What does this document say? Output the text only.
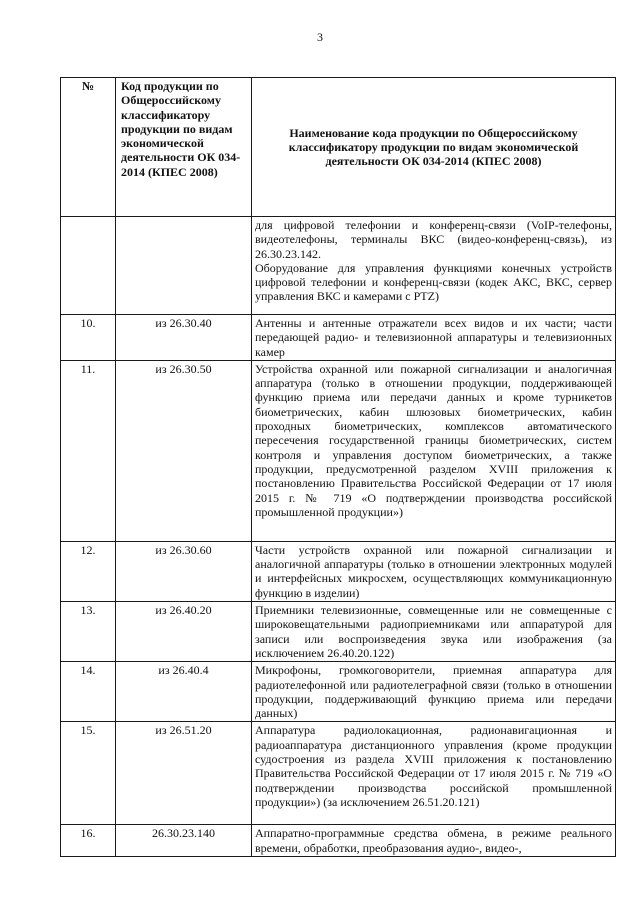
3
№	Код продукции по Общероссийскому классификатору продукции по видам экономической деятельности ОК 034-2014 (КПЕС 2008)	Наименование кода продукции по Общероссийскому классификатору продукции по видам экономической деятельности ОК 034-2014 (КПЕС 2008)

		для цифровой телефонии и конференц-связи (VoIP-телефоны, видеотелефоны, терминалы ВКС (видео-конференц-связь), из 26.30.23.142.
Оборудование для управления функциями конечных устройств цифровой телефонии и конференц-связи (кодек АКС, ВКС, сервер управления ВКС и камерами с PTZ)

10.	из 26.30.40	Антенны и антенные отражатели всех видов и их части; части передающей радио- и телевизионной аппаратуры и телевизионных камер
11.	из 26.30.50	Устройства охранной или пожарной сигнализации и аналогичная аппаратура (только в отношении продукции, поддерживающей функцию приема или передачи данных и кроме турникетов биометрических, кабин шлюзовых биометрических, кабин проходных биометрических, комплексов автоматического пересечения государственной границы биометрических, систем контроля и управления доступом биометрических, а также продукции, предусмотренной разделом XVIII приложения к постановлению Правительства Российской Федерации от 17 июля 2015 г. № 719 «О подтверждении производства российской промышленной продукции»)
12.	из 26.30.60	Части устройств охранной или пожарной сигнализации и аналогичной аппаратуры (только в отношении электронных модулей и интерфейсных микросхем, осуществляющих коммуникационную функцию в изделии)
13.	из 26.40.20	Приемники телевизионные, совмещенные или не совмещенные с широковещательными радиоприемниками или аппаратурой для записи или воспроизведения звука или изображения (за исключением 26.40.20.122)
14.	из 26.40.4	Микрофоны, громкоговорители, приемная аппаратура для радиотелефонной или радиотелеграфной связи (только в отношении продукции, поддерживающий функцию приема или передачи данных)
15.	из 26.51.20	Аппаратура радиолокационная, радионавигационная и радиоаппаратура дистанционного управления (кроме продукции судостроения из раздела XVIII приложения к постановлению Правительства Российской Федерации от 17 июля 2015 г. № 719 «О подтверждении производства российской промышленной продукции») (за исключением 26.51.20.121)
16.	26.30.23.140	Аппаратно-программные средства обмена, в режиме реального времени, обработки, преобразования аудио-, видео-,
